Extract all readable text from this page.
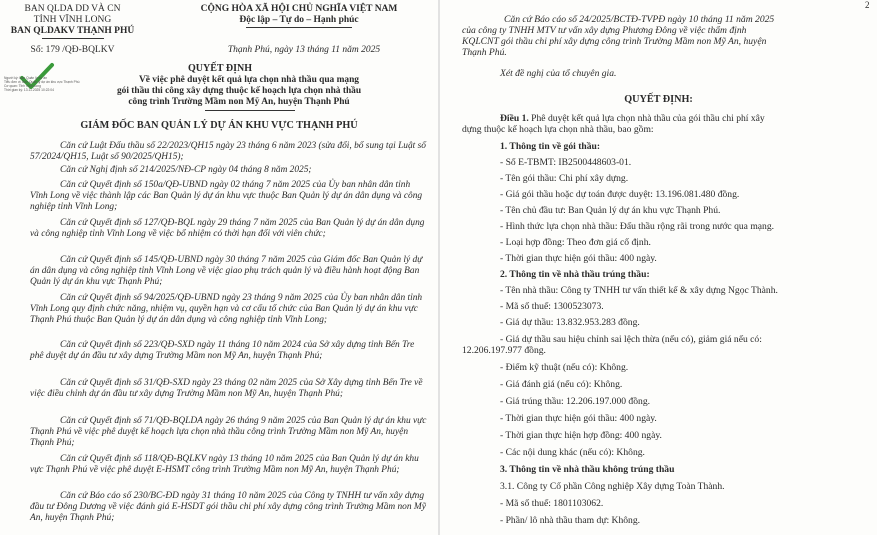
BAN QLDA DD VÀ CN
TỈNH VĨNH LONG
BAN QLDAKV THẠNH PHÚ
Số: 179 /QĐ-BQLKV
CỘNG HÒA XÃ HỘI CHỦ NGHĨA VIỆT NAM
Độc lập – Tự do – Hạnh phúc
Thạnh Phú, ngày 13 tháng 11 năm 2025
Người ký: Ban Quản lý dự án
Tiểu đơn vị: Ban Quản lý dự án khu vực Thạnh Phú
Cơ quan: Tỉnh Vĩnh Long
Thời gian ký: 13.11.2025 10:22:04
QUYẾT ĐỊNH
Về việc phê duyệt kết quả lựa chọn nhà thầu qua mạng
gói thầu thi công xây dựng thuộc kế hoạch lựa chọn nhà thầu
công trình Trường Mầm non Mỹ An, huyện Thạnh Phú
GIÁM ĐỐC BAN QUẢN LÝ DỰ ÁN KHU VỰC THẠNH PHÚ
Căn cứ Luật Đấu thầu số 22/2023/QH15 ngày 23 tháng 6 năm 2023 (sửa đổi, bổ sung tại Luật số 57/2024/QH15, Luật số 90/2025/QH15);
Căn cứ Nghị định số 214/2025/NĐ-CP ngày 04 tháng 8 năm 2025;
Căn cứ Quyết định số 150a/QĐ-UBND ngày 02 tháng 7 năm 2025 của Ủy ban nhân dân tỉnh Vĩnh Long về việc thành lập các Ban Quản lý dự án khu vực thuộc Ban Quản lý dự án dân dụng và công nghiệp tỉnh Vĩnh Long;
Căn cứ Quyết định số 127/QĐ-BQL ngày 29 tháng 7 năm 2025 của Ban Quản lý dự án dân dụng và công nghiệp tỉnh Vĩnh Long về việc bổ nhiệm có thời hạn đối với viên chức;
Căn cứ Quyết định số 145/QĐ-UBND ngày 30 tháng 7 năm 2025 của Giám đốc Ban Quản lý dự án dân dụng và công nghiệp tỉnh Vĩnh Long về việc giao phụ trách quản lý và điều hành hoạt động Ban Quản lý dự án khu vực Thạnh Phú;
Căn cứ Quyết định số 94/2025/QĐ-UBND ngày 23 tháng 9 năm 2025 của Ủy ban nhân dân tỉnh Vĩnh Long quy định chức năng, nhiệm vụ, quyền hạn và cơ cấu tổ chức của Ban Quản lý dự án khu vực Thạnh Phú thuộc Ban Quản lý dự án dân dụng và công nghiệp tỉnh Vĩnh Long;
Căn cứ Quyết định số 223/QĐ-SXD ngày 11 tháng 10 năm 2024 của Sở xây dựng tỉnh Bến Tre phê duyệt dự án đầu tư xây dựng Trường Mầm non Mỹ An, huyện Thạnh Phú;
Căn cứ Quyết định số 31/QĐ-SXD ngày 23 tháng 02 năm 2025 của Sở Xây dựng tỉnh Bến Tre về việc điều chỉnh dự án đầu tư xây dựng Trường Mầm non Mỹ An, huyện Thạnh Phú;
Căn cứ Quyết định số 71/QĐ-BQLDA ngày 26 tháng 9 năm 2025 của Ban Quản lý dự án khu vực Thạnh Phú về việc phê duyệt kế hoạch lựa chọn nhà thầu công trình Trường Mầm non Mỹ An, huyện Thạnh Phú;
Căn cứ Quyết định số 118/QĐ-BQLKV ngày 13 tháng 10 năm 2025 của Ban Quản lý dự án khu vực Thạnh Phú về việc phê duyệt E-HSMT công trình Trường Mầm non Mỹ An, huyện Thạnh Phú;
Căn cứ Báo cáo số 230/BC-ĐD ngày 31 tháng 10 năm 2025 của Công ty TNHH tư vấn xây dựng đầu tư Đông Dương về việc đánh giá E-HSDT gói thầu chi phí xây dựng công trình Trường Mầm non Mỹ An, huyện Thạnh Phú;
2
Căn cứ Báo cáo số 24/2025/BCTĐ-TVPĐ ngày 10 tháng 11 năm 2025
của công ty TNHH MTV tư vấn xây dựng Phương Đông về việc thẩm định
KQLCNT gói thầu chi phí xây dựng công trình Trường Mầm non Mỹ An, huyện
Thạnh Phú.
Xét đề nghị của tổ chuyên gia.
QUYẾT ĐỊNH:
Điều 1. Phê duyệt kết quả lựa chọn nhà thầu của gói thầu chi phí xây
dựng thuộc kế hoạch lựa chọn nhà thầu, bao gồm:
1. Thông tin về gói thầu:
- Số E-TBMT: IB2500448603-01.
- Tên gói thầu: Chi phí xây dựng.
- Giá gói thầu hoặc dự toán được duyệt: 13.196.081.480 đồng.
- Tên chủ đầu tư: Ban Quản lý dự án khu vực Thạnh Phú.
- Hình thức lựa chọn nhà thầu: Đấu thầu rộng rãi trong nước qua mạng.
- Loại hợp đồng: Theo đơn giá cố định.
- Thời gian thực hiện gói thầu: 400 ngày.
2. Thông tin về nhà thầu trúng thầu:
- Tên nhà thầu: Công ty TNHH tư vấn thiết kế & xây dựng Ngọc Thành.
- Mã số thuế: 1300523073.
- Giá dự thầu: 13.832.953.283 đồng.
- Giá dự thầu sau hiệu chỉnh sai lệch thừa (nếu có), giảm giá nếu có:
12.206.197.977 đồng.
- Điểm kỹ thuật (nếu có): Không.
- Giá đánh giá (nếu có): Không.
- Giá trúng thầu: 12.206.197.000 đồng.
- Thời gian thực hiện gói thầu: 400 ngày.
- Thời gian thực hiện hợp đồng: 400 ngày.
- Các nội dung khác (nếu có): Không.
3. Thông tin về nhà thầu không trúng thầu
3.1. Công ty Cổ phần Công nghiệp Xây dựng Toàn Thành.
- Mã số thuế: 1801103062.
- Phần/ lô nhà thầu tham dự: Không.
